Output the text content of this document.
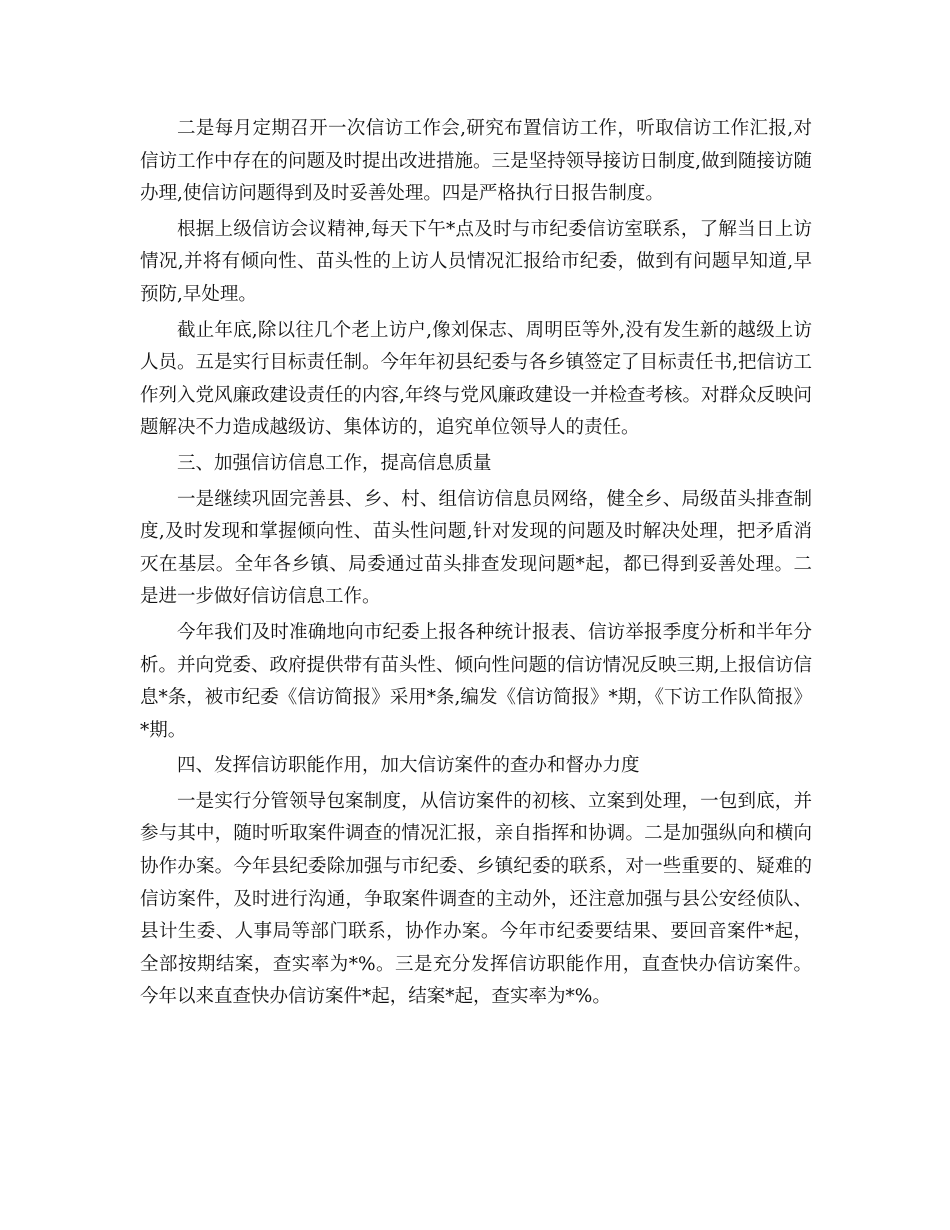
二是每月定期召开一次信访工作会,研究布置信访工作，听取信访工作汇报,对信访工作中存在的问题及时提出改进措施。三是坚持领导接访日制度,做到随接访随办理,使信访问题得到及时妥善处理。四是严格执行日报告制度。

根据上级信访会议精神,每天下午*点及时与市纪委信访室联系，了解当日上访情况,并将有倾向性、苗头性的上访人员情况汇报给市纪委，做到有问题早知道,早预防,早处理。

截止年底,除以往几个老上访户,像刘保志、周明臣等外,没有发生新的越级上访人员。五是实行目标责任制。今年年初县纪委与各乡镇签定了目标责任书,把信访工作列入党风廉政建设责任的内容,年终与党风廉政建设一并检查考核。对群众反映问题解决不力造成越级访、集体访的，追究单位领导人的责任。

三、加强信访信息工作，提高信息质量

一是继续巩固完善县、乡、村、组信访信息员网络，健全乡、局级苗头排查制度,及时发现和掌握倾向性、苗头性问题,针对发现的问题及时解决处理，把矛盾消灭在基层。全年各乡镇、局委通过苗头排查发现问题*起，都已得到妥善处理。二是进一步做好信访信息工作。

今年我们及时准确地向市纪委上报各种统计报表、信访举报季度分析和半年分析。并向党委、政府提供带有苗头性、倾向性问题的信访情况反映三期,上报信访信息*条，被市纪委《信访简报》采用*条,编发《信访简报》*期，《下访工作队简报》*期。

四、发挥信访职能作用，加大信访案件的查办和督办力度

一是实行分管领导包案制度，从信访案件的初核、立案到处理，一包到底，并参与其中，随时听取案件调查的情况汇报，亲自指挥和协调。二是加强纵向和横向协作办案。今年县纪委除加强与市纪委、乡镇纪委的联系，对一些重要的、疑难的信访案件，及时进行沟通，争取案件调查的主动外，还注意加强与县公安经侦队、县计生委、人事局等部门联系，协作办案。今年市纪委要结果、要回音案件*起，全部按期结案，查实率为*%。三是充分发挥信访职能作用，直查快办信访案件。今年以来直查快办信访案件*起，结案*起，查实率为*%。
